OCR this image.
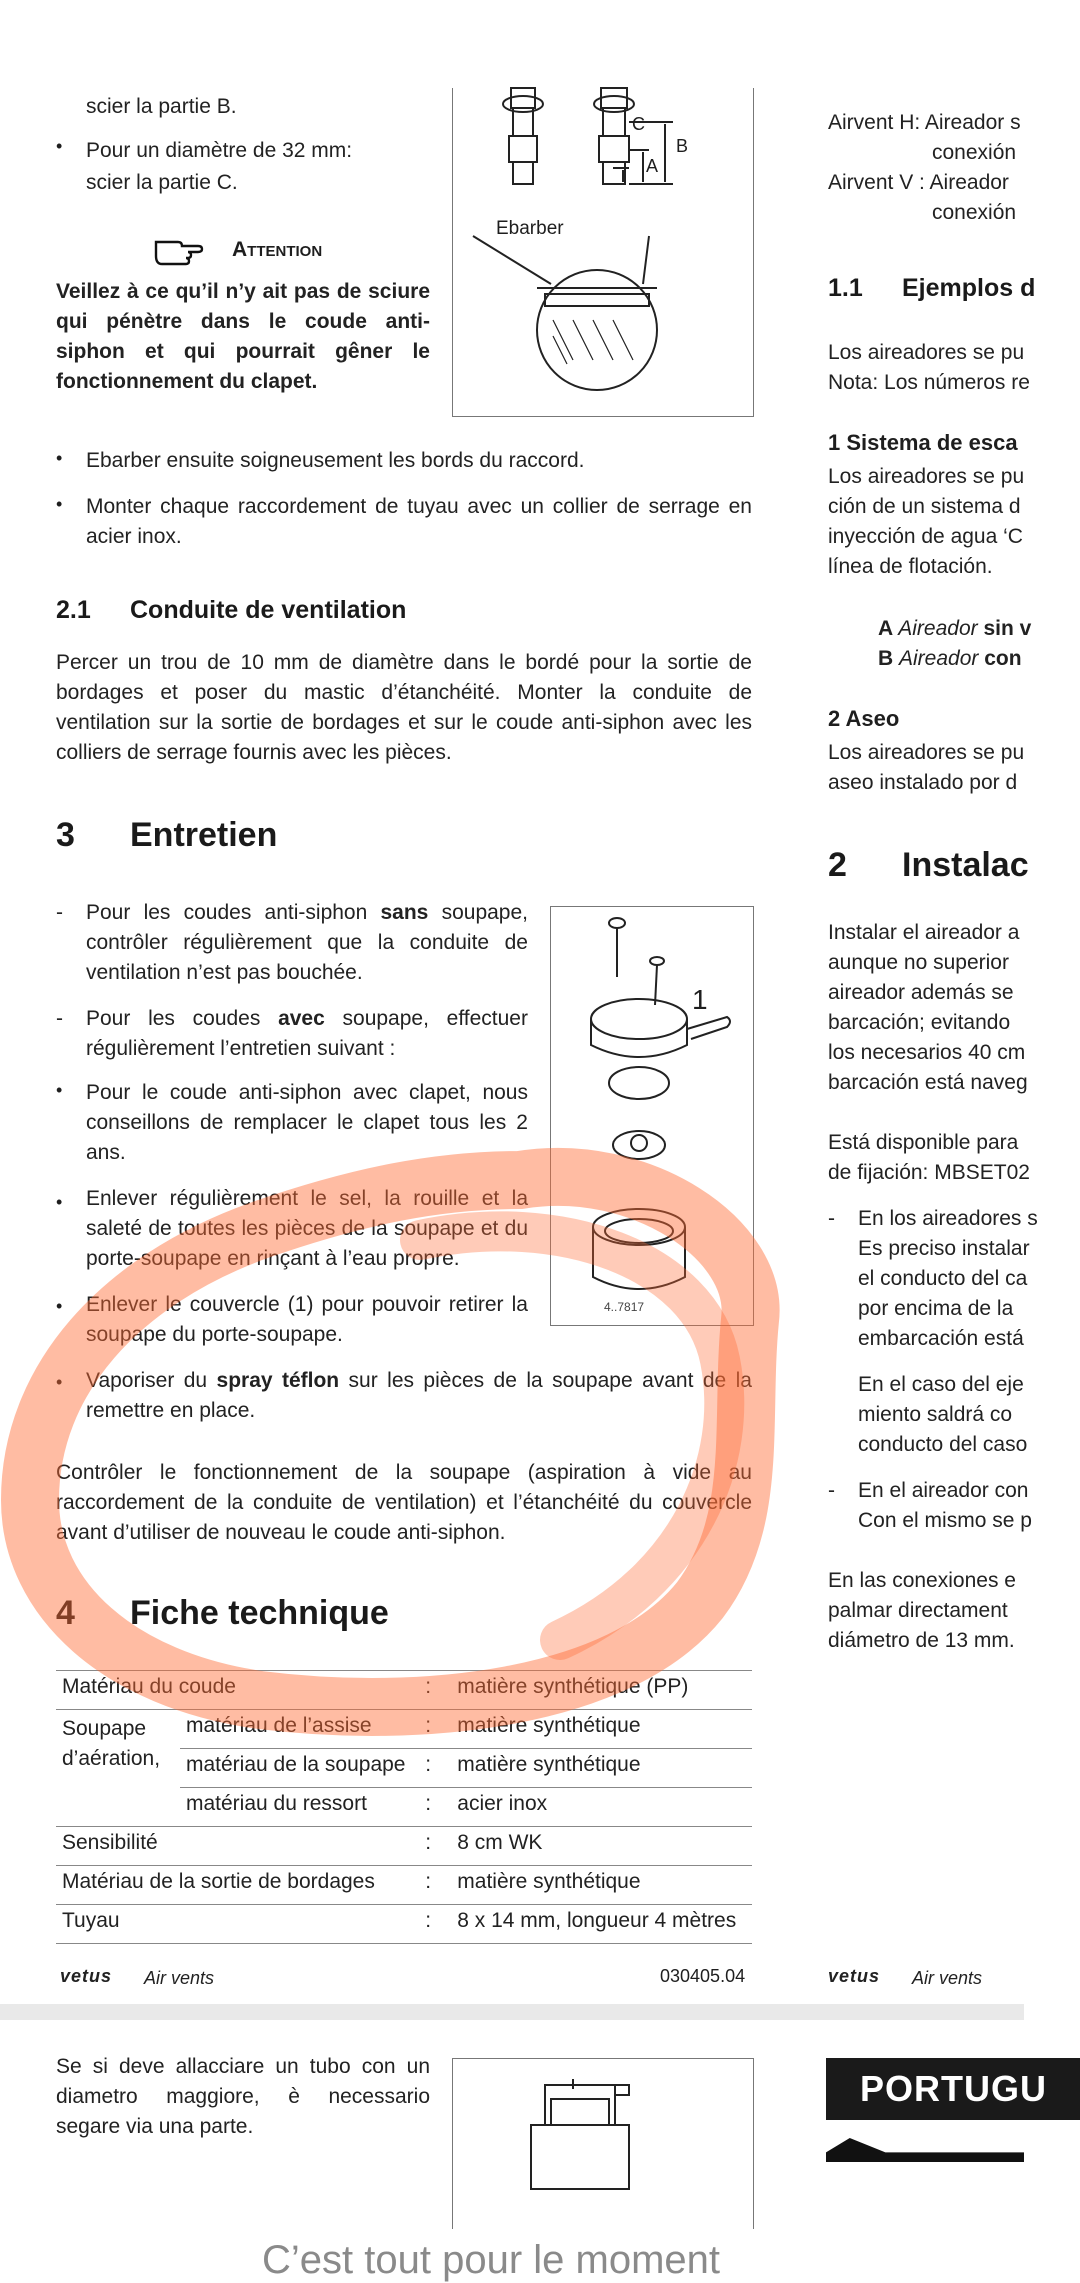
scier la partie B.
• Pour un diamètre de 32 mm:
scier la partie C.
Attention
Veillez à ce qu’il n’y ait pas de sciure qui pénètre dans le coude anti-siphon et qui pourrait gêner le fonctionnement du clapet.
C
B
A
Ebarber
• Ebarber ensuite soigneusement les bords du raccord.
• Monter chaque raccordement de tuyau avec un collier de serrage en acier inox.
2.1 Conduite de ventilation
Percer un trou de 10 mm de diamètre dans le bordé pour la sortie de bordages et poser du mastic d’étanchéité. Monter la conduite de ventilation sur la sortie de bordages et sur le coude anti-siphon avec les colliers de serrage fournis avec les pièces.
3 Entretien
- Pour les coudes anti-siphon sans soupape, contrôler régulièrement que la conduite de ventilation n’est pas bouchée.
- Pour les coudes avec soupape, effectuer régulièrement l’entretien suivant :
• Pour le coude anti-siphon avec clapet, nous conseillons de remplacer le clapet tous les 2 ans.
• Enlever régulièrement le sel, la rouille et la saleté de toutes les pièces de la soupape et du porte-soupape en rinçant à l’eau propre.
• Enlever le couvercle (1) pour pouvoir retirer la soupape du porte-soupape.
• Vaporiser du spray téflon sur les pièces de la soupape avant de la remettre en place.
1
4..7817
Contrôler le fonctionnement de la soupape (aspiration à vide au raccordement de la conduite de ventilation) et l’étanchéité du couvercle avant d’utiliser de nouveau le coude anti-siphon.
4 Fiche technique
Matériau du coude		:	matière synthétique (PP)
Soupape d’aération,	matériau de l’assise	:	matière synthétique
	matériau de la soupape	:	matière synthétique
	matériau du ressort	:	acier inox
Sensibilité		:	8 cm WK
Matériau de la sortie de bordages		:	matière synthétique
Tuyau		:	8 x 14 mm, longueur 4 mètres
vetus Air vents	030405.04
Se si deve allacciare un tubo con un diametro maggiore, è necessario segare via una parte.
Airvent H: Aireador s
conexión
Airvent V : Aireador
conexión
1.1 Ejemplos d
Los aireadores se pu
Nota: Los números re
1 Sistema de esca
Los aireadores se pu
ción de un sistema d
inyección de agua ‘C
línea de flotación.
A Aireador sin v
B Aireador con
2 Aseo
Los aireadores se pu
aseo instalado por d
2 Instalac
Instalar el aireador a
aunque no superior
aireador además se
barcación; evitando
los necesarios 40 cm
barcación está naveg
Está disponible para
de fijación: MBSET02
- En los aireadores s
Es preciso instalar
el conducto del ca
por encima de la
embarcación está
En el caso del eje
miento saldrá co
conducto del caso
- En el aireador con
Con el mismo se p
En las conexiones e
palmar directament
diámetro de 13 mm.
vetus Air vents
PORTUGU
C’est tout pour le moment
